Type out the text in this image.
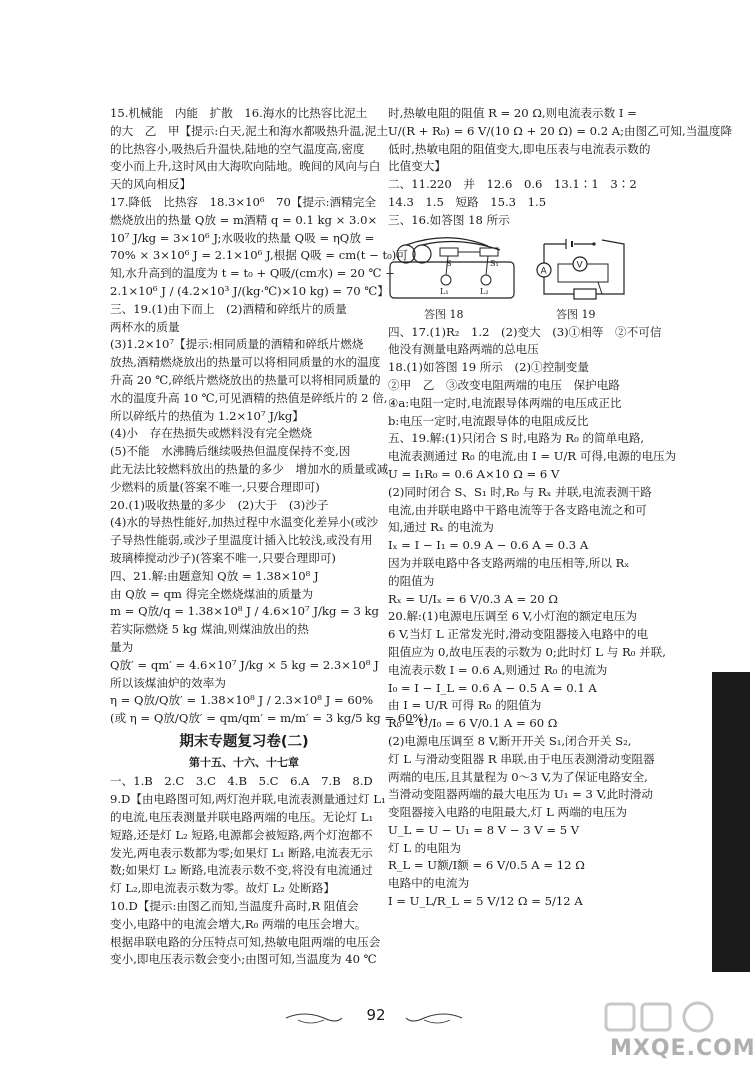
15.机械能　内能　扩散　16.海水的比热容比泥土
的大　乙　甲【提示:白天,泥土和海水都吸热升温,泥土
的比热容小,吸热后升温快,陆地的空气温度高,密度
变小而上升,这时风由大海吹向陆地。晚间的风向与白
天的风向相反】
17.降低　比热容　18.3×10⁶　70【提示:酒精完全
燃烧放出的热量 Q放 = m酒精 q = 0.1 kg × 3.0×
10⁷ J/kg = 3×10⁶ J;水吸收的热量 Q吸 = ηQ放 =
70% × 3×10⁶ J = 2.1×10⁶ J,根据 Q吸 = cm(t − t₀)可
知,水升高到的温度为 t = t₀ + Q吸/(cm水) = 20 ℃ +
2.1×10⁶ J / (4.2×10³ J/(kg·℃)×10 kg) = 70 ℃】
三、19.(1)由下而上　(2)酒精和碎纸片的质量
两杯水的质量
(3)1.2×10⁷【提示:相同质量的酒精和碎纸片燃烧
放热,酒精燃烧放出的热量可以将相同质量的水的温度
升高 20 ℃,碎纸片燃烧放出的热量可以将相同质量的
水的温度升高 10 ℃,可见酒精的热值是碎纸片的 2 倍,
所以碎纸片的热值为 1.2×10⁷ J/kg】
(4)小　存在热损失或燃料没有完全燃烧
(5)不能　水沸腾后继续吸热但温度保持不变,因
此无法比较燃料放出的热量的多少　增加水的质量或减
少燃料的质量(答案不唯一,只要合理即可)
20.(1)吸收热量的多少　(2)大于　(3)沙子
(4)水的导热性能好,加热过程中水温变化差异小(或沙
子导热性能弱,或沙子里温度计插入比较浅,或没有用
玻璃棒搅动沙子)(答案不唯一,只要合理即可)
四、21.解:由题意知 Q放 = 1.38×10⁸ J
由 Q放 = qm 得完全燃烧煤油的质量为
m = Q放/q = 1.38×10⁸ J / 4.6×10⁷ J/kg = 3 kg
若实际燃烧 5 kg 煤油,则煤油放出的热
量为
Q放′ = qm′ = 4.6×10⁷ J/kg × 5 kg = 2.3×10⁸ J
所以该煤油炉的效率为
η = Q放/Q放′ = 1.38×10⁸ J / 2.3×10⁸ J = 60%
(或 η = Q放/Q放′ = qm/qm′ = m/m′ = 3 kg/5 kg = 60%)
期末专题复习卷(二)
第十五、十六、十七章
一、1.B　2.C　3.C　4.B　5.C　6.A　7.B　8.D
9.D【由电路图可知,两灯泡并联,电流表测量通过灯 L₁
的电流,电压表测量并联电路两端的电压。无论灯 L₁
短路,还是灯 L₂ 短路,电源都会被短路,两个灯泡都不
发光,两电表示数都为零;如果灯 L₁ 断路,电流表无示
数;如果灯 L₂ 断路,电流表示数不变,将没有电流通过
灯 L₂,即电流表示数为零。故灯 L₂ 处断路】
10.D【提示:由图乙而知,当温度升高时,R 阻值会
变小,电路中的电流会增大,R₀ 两端的电压会增大。
根据串联电路的分压特点可知,热敏电阻两端的电压会
变小,即电压表示数会变小;由图可知,当温度为 40 ℃
时,热敏电阻的阻值 R = 20 Ω,则电流表示数 I =
U/(R + R₀) = 6 V/(10 Ω + 20 Ω) = 0.2 A;由图乙可知,当温度降
低时,热敏电阻的阻值变大,即电压表与电流表示数的
比值变大】
二、11.220　并　12.6　0.6　13.1∶1　3∶2
14.3　1.5　短路　15.3　1.5
三、16.如答图 18 所示
S	S₁
L₁	L₂
A
V
答图 18	答图 19
四、17.(1)R₂　1.2　(2)变大　(3)①相等　②不可信
他没有测量电路两端的总电压
18.(1)如答图 19 所示　(2)①控制变量
②甲　乙　③改变电阻两端的电压　保护电路
④a:电阻一定时,电流跟导体两端的电压成正比
b:电压一定时,电流跟导体的电阻成反比
五、19.解:(1)只闭合 S 时,电路为 R₀ 的简单电路,
电流表测通过 R₀ 的电流,由 I = U/R 可得,电源的电压为
U = I₁R₀ = 0.6 A×10 Ω = 6 V
(2)同时闭合 S、S₁ 时,R₀ 与 Rₓ 并联,电流表测干路
电流,由并联电路中干路电流等于各支路电流之和可
知,通过 Rₓ 的电流为
Iₓ = I − I₁ = 0.9 A − 0.6 A = 0.3 A
因为并联电路中各支路两端的电压相等,所以 Rₓ
的阻值为
Rₓ = U/Iₓ = 6 V/0.3 A = 20 Ω
20.解:(1)电源电压调至 6 V,小灯泡的额定电压为
6 V,当灯 L 正常发光时,滑动变阻器接入电路中的电
阻值应为 0,故电压表的示数为 0;此时灯 L 与 R₀ 并联,
电流表示数 I = 0.6 A,则通过 R₀ 的电流为
I₀ = I − I_L = 0.6 A − 0.5 A = 0.1 A
由 I = U/R 可得 R₀ 的阻值为
R₀ = U/I₀ = 6 V/0.1 A = 60 Ω
(2)电源电压调至 8 V,断开开关 S₁,闭合开关 S₂,
灯 L 与滑动变阻器 R 串联,由于电压表测滑动变阻器
两端的电压,且其量程为 0～3 V,为了保证电路安全,
当滑动变阻器两端的最大电压为 U₁ = 3 V,此时滑动
变阻器接入电路的电阻最大,灯 L 两端的电压为
U_L = U − U₁ = 8 V − 3 V = 5 V
灯 L 的电阻为
R_L = U额/I额 = 6 V/0.5 A = 12 Ω
电路中的电流为
I = U_L/R_L = 5 V/12 Ω = 5/12 A
92
MXQE.COM
